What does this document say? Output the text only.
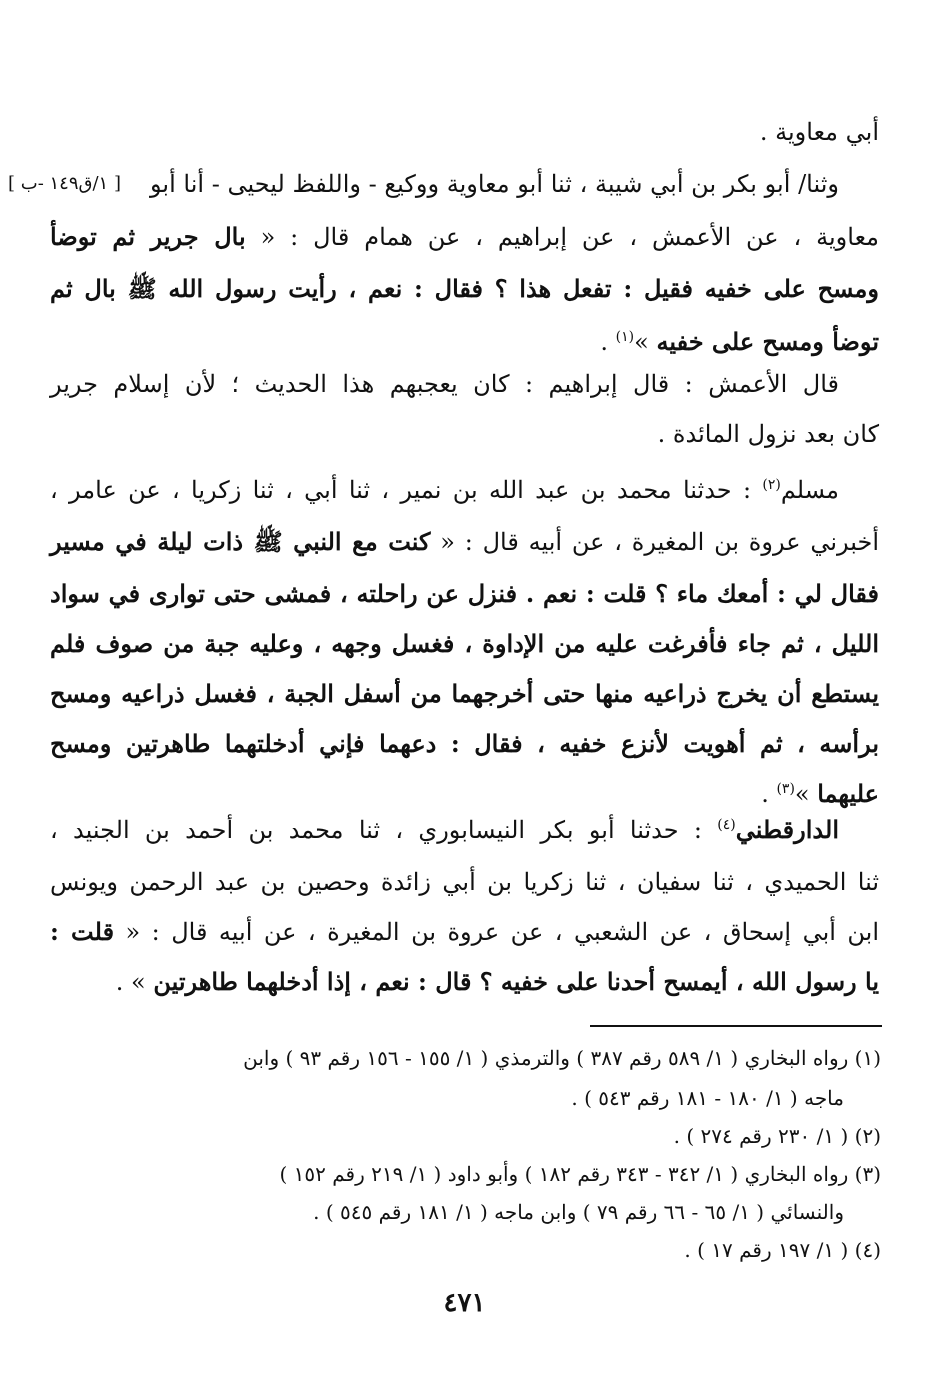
[ ١/ق١٤٩ -ب ]
أبي معاوية .
وثنا/ أبو بكر بن أبي شيبة ، ثنا أبو معاوية ووكيع - واللفظ ليحيى - أنا أبو
معاوية ، عن الأعمش ، عن إبراهيم ، عن همام قال : « بال جرير ثم توضأ
ومسح على خفيه فقيل : تفعل هذا ؟ فقال : نعم ، رأيت رسول الله ﷺ بال ثم
توضأ ومسح على خفيه »$^{(١)}$ .
قال الأعمش : قال إبراهيم : كان يعجبهم هذا الحديث ؛ لأن إسلام جرير
كان بعد نزول المائدة .
مسلم$^{(٢)}$ : حدثنا محمد بن عبد الله بن نمير ، ثنا أبي ، ثنا زكريا ، عن عامر ،
أخبرني عروة بن المغيرة ، عن أبيه قال : « كنت مع النبي ﷺ ذات ليلة في مسير
فقال لي : أمعك ماء ؟ قلت : نعم . فنزل عن راحلته ، فمشى حتى توارى في سواد
الليل ، ثم جاء فأفرغت عليه من الإداوة ، فغسل وجهه ، وعليه جبة من صوف فلم
يستطع أن يخرج ذراعيه منها حتى أخرجهما من أسفل الجبة ، فغسل ذراعيه ومسح
برأسه ، ثم أهويت لأنزع خفيه ، فقال : دعهما فإني أدخلتهما طاهرتين ومسح
عليهما »$^{(٣)}$ .
الدارقطني$^{(٤)}$ : حدثنا أبو بكر النيسابوري ، ثنا محمد بن أحمد بن الجنيد ،
ثنا الحميدي ، ثنا سفيان ، ثنا زكريا بن أبي زائدة وحصين بن عبد الرحمن ويونس
ابن أبي إسحاق ، عن الشعبي ، عن عروة بن المغيرة ، عن أبيه قال : « قلت :
يا رسول الله ، أيمسح أحدنا على خفيه ؟ قال : نعم ، إذا أدخلهما طاهرتين » .
(١) رواه البخاري ( ١/ ٥٨٩ رقم ٣٨٧ ) والترمذي ( ١/ ١٥٥ - ١٥٦ رقم ٩٣ ) وابن
ماجه ( ١/ ١٨٠ - ١٨١ رقم ٥٤٣ ) .
(٢) ( ١/ ٢٣٠ رقم ٢٧٤ ) .
(٣) رواه البخاري ( ١/ ٣٤٢ - ٣٤٣ رقم ١٨٢ ) وأبو داود ( ١/ ٢١٩ رقم ١٥٢ )
والنسائي ( ١/ ٦٥ - ٦٦ رقم ٧٩ ) وابن ماجه ( ١/ ١٨١ رقم ٥٤٥ ) .
(٤) ( ١/ ١٩٧ رقم ١٧ ) .
٤٧١
